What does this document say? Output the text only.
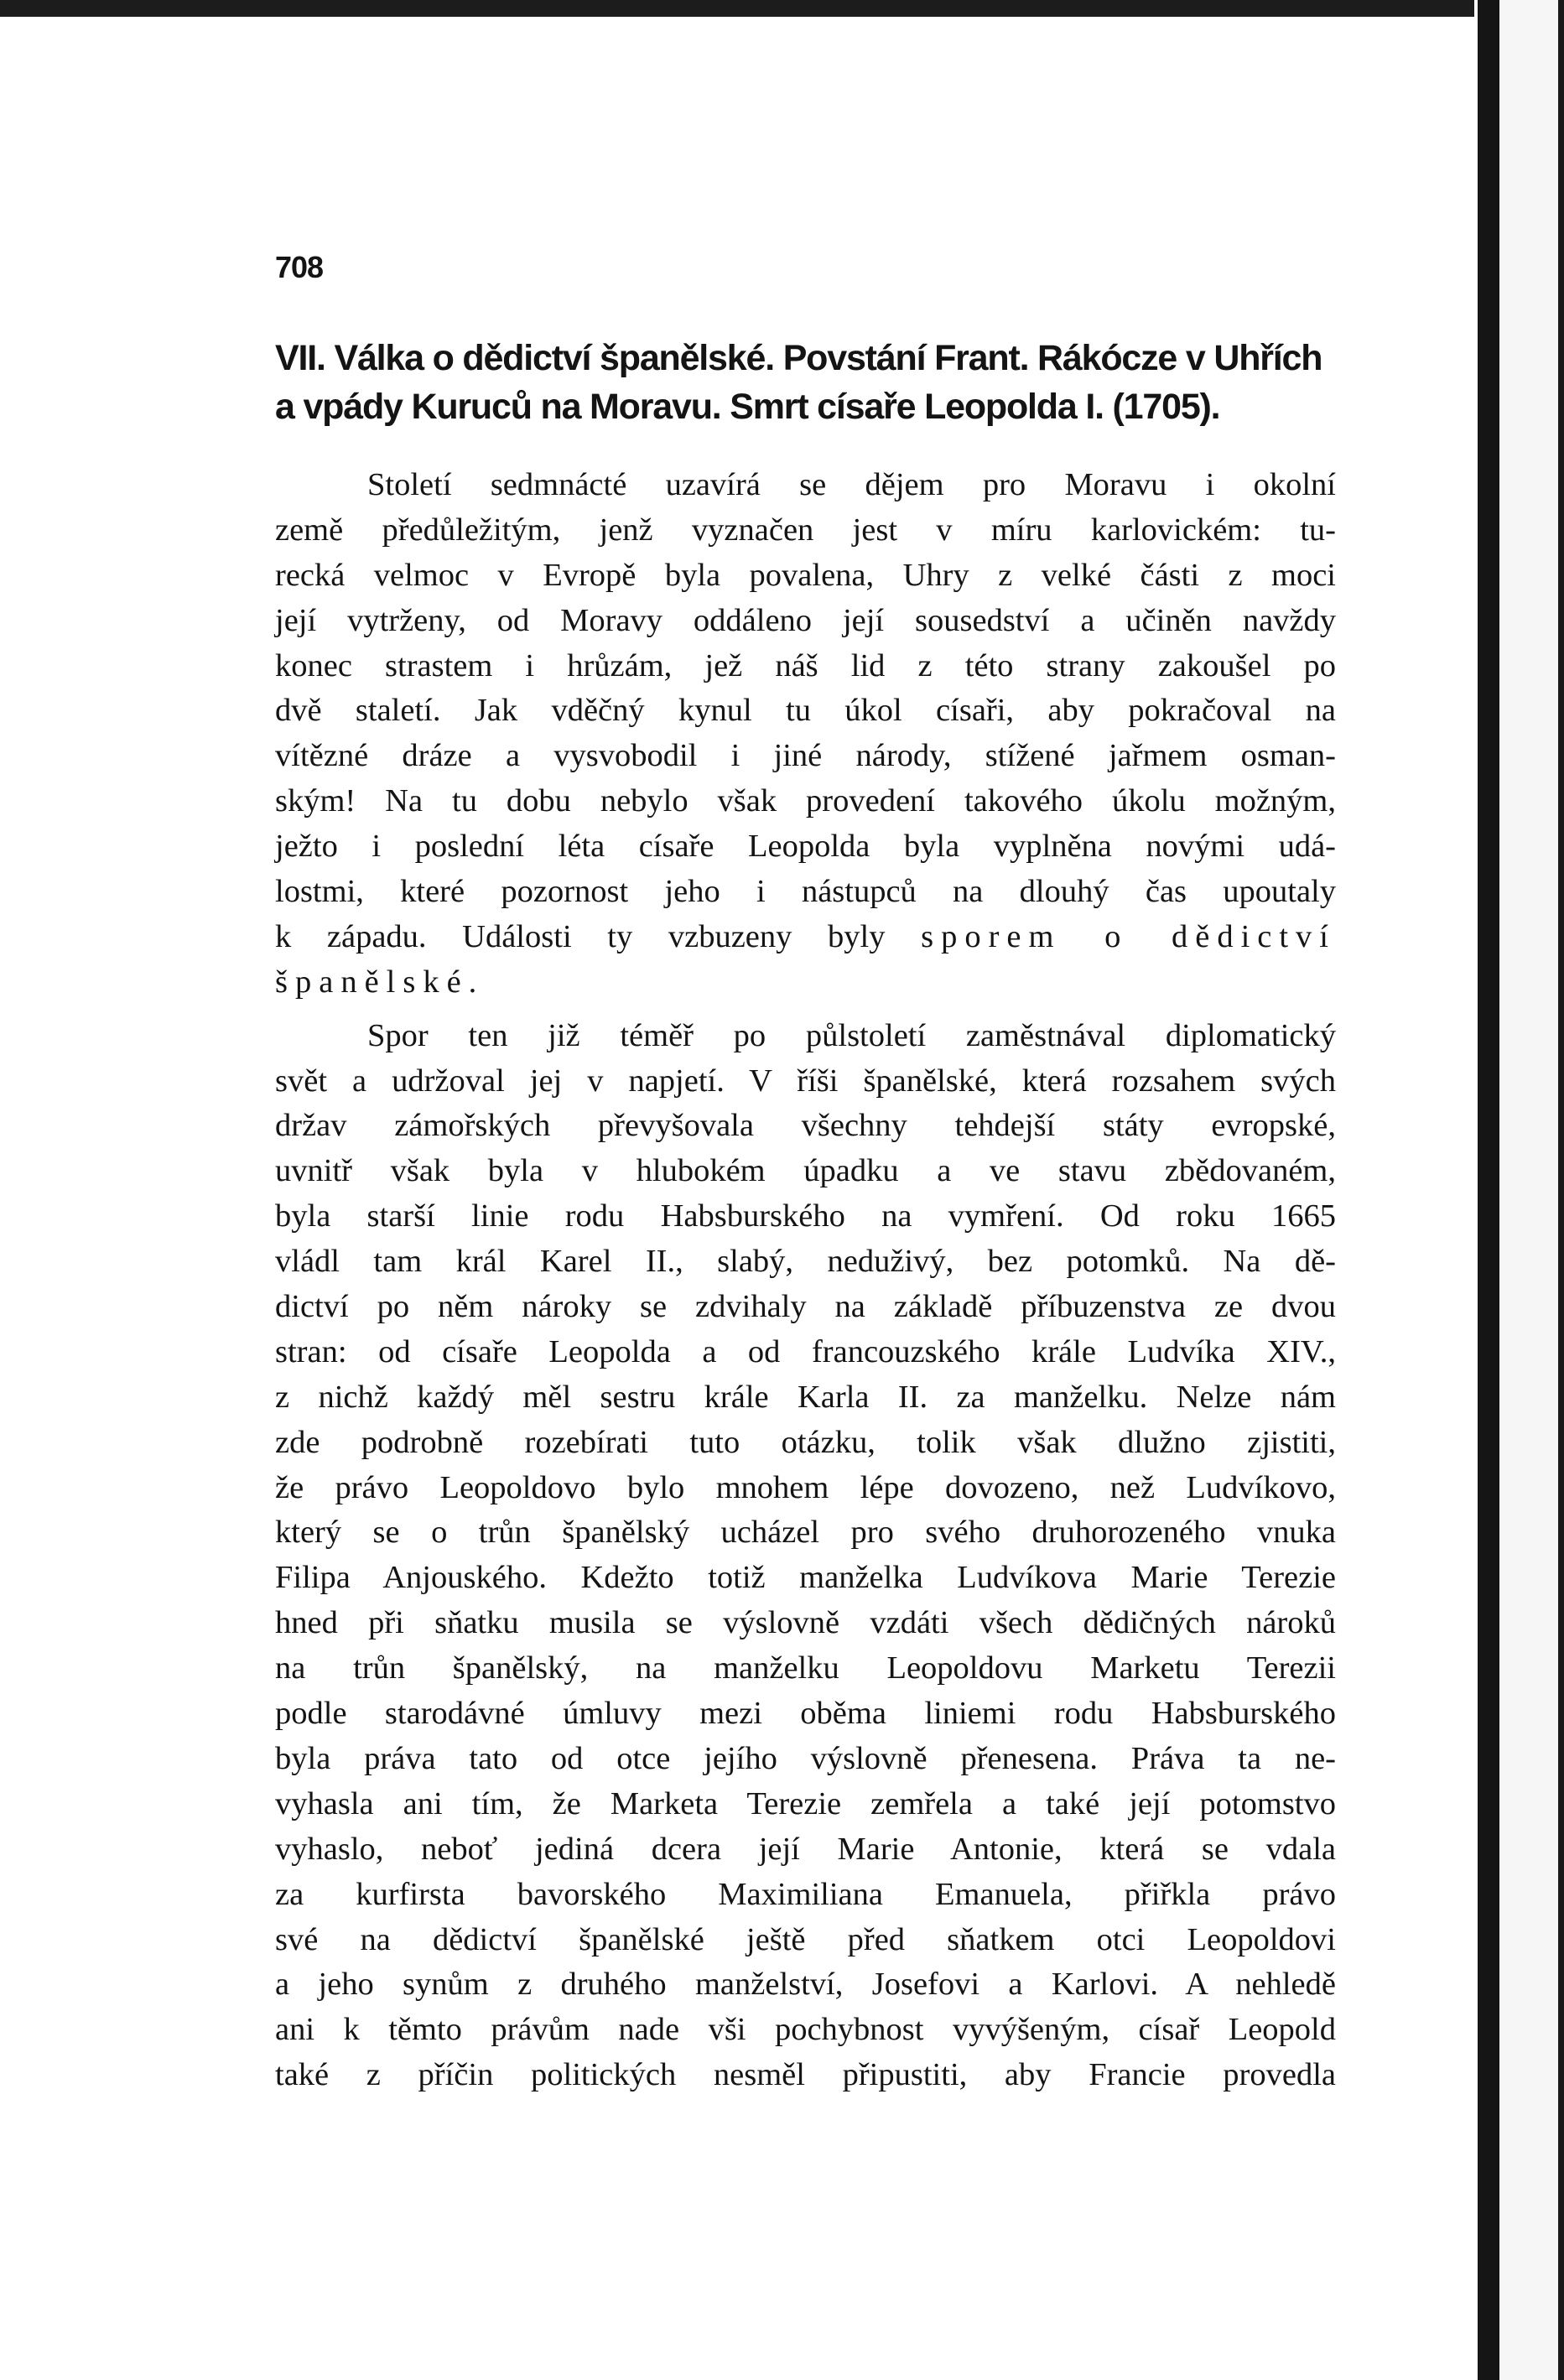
708
VII. Válka o dědictví španělské. Povstání Frant. Rákócze v Uhřích
a vpády Kuruců na Moravu. Smrt císaře Leopolda I. (1705).
Století sedmnácté uzavírá se dějem pro Moravu i okolní
země předůležitým, jenž vyznačen jest v míru karlovickém: tu-
recká velmoc v Evropě byla povalena, Uhry z velké části z moci
její vytrženy, od Moravy oddáleno její sousedství a učiněn navždy
konec strastem i hrůzám, jež náš lid z této strany zakoušel po
dvě staletí. Jak vděčný kynul tu úkol císaři, aby pokračoval na
vítězné dráze a vysvobodil i jiné národy, stížené jařmem osman-
ským! Na tu dobu nebylo však provedení takového úkolu možným,
ježto i poslední léta císaře Leopolda byla vyplněna novými udá-
lostmi, které pozornost jeho i nástupců na dlouhý čas upoutaly
k západu. Události ty vzbuzeny byly sporem o dědictví
španělské.
Spor ten již téměř po půlstoletí zaměstnával diplomatický
svět a udržoval jej v napjetí. V říši španělské, která rozsahem svých
držav zámořských převyšovala všechny tehdejší státy evropské,
uvnitř však byla v hlubokém úpadku a ve stavu zbědovaném,
byla starší linie rodu Habsburského na vymření. Od roku 1665
vládl tam král Karel II., slabý, neduživý, bez potomků. Na dě-
dictví po něm nároky se zdvihaly na základě příbuzenstva ze dvou
stran: od císaře Leopolda a od francouzského krále Ludvíka XIV.,
z nichž každý měl sestru krále Karla II. za manželku. Nelze nám
zde podrobně rozebírati tuto otázku, tolik však dlužno zjistiti,
že právo Leopoldovo bylo mnohem lépe dovozeno, než Ludvíkovo,
který se o trůn španělský ucházel pro svého druhorozeného vnuka
Filipa Anjouského. Kdežto totiž manželka Ludvíkova Marie Terezie
hned při sňatku musila se výslovně vzdáti všech dědičných nároků
na trůn španělský, na manželku Leopoldovu Marketu Terezii
podle starodávné úmluvy mezi oběma liniemi rodu Habsburského
byla práva tato od otce jejího výslovně přenesena. Práva ta ne-
vyhasla ani tím, že Marketa Terezie zemřela a také její potomstvo
vyhaslo, neboť jediná dcera její Marie Antonie, která se vdala
za kurfirsta bavorského Maximiliana Emanuela, přiřkla právo
své na dědictví španělské ještě před sňatkem otci Leopoldovi
a jeho synům z druhého manželství, Josefovi a Karlovi. A nehledě
ani k těmto právům nade vši pochybnost vyvýšeným, císař Leopold
také z příčin politických nesměl připustiti, aby Francie provedla
